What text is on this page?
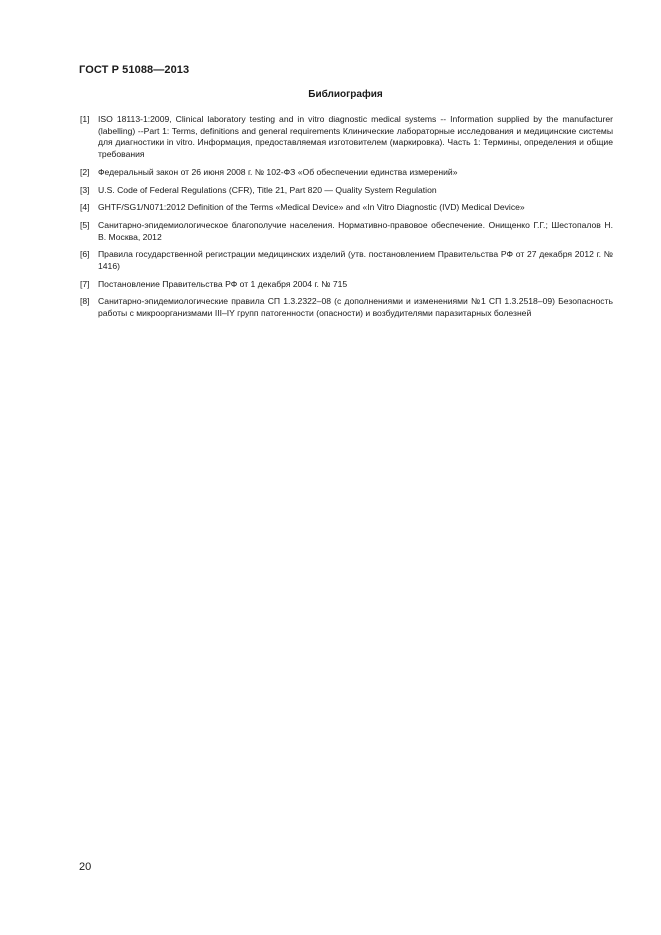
ГОСТ Р 51088—2013
Библиография
[1] ISO 18113-1:2009, Clinical laboratory testing and in vitro diagnostic medical systems -- Information supplied by the manufacturer (labelling) --Part 1: Terms, definitions and general requirements Клинические лабораторные исследования и медицинские системы для диагностики in vitro. Информация, предоставляемая изготовителем (маркировка). Часть 1: Термины, определения и общие требования
[2] Федеральный закон от 26 июня 2008 г. № 102-ФЗ «Об обеспечении единства измерений»
[3] U.S. Code of Federal Regulations (CFR), Title 21, Part 820 — Quality System Regulation
[4] GHTF/SG1/N071:2012 Definition of the Terms «Medical Device» and «In Vitro Diagnostic (IVD) Medical Device»
[5] Санитарно-эпидемиологическое благополучие населения. Нормативно-правовое обеспечение. Онищенко Г.Г.; Шестопалов Н. В. Москва, 2012
[6] Правила государственной регистрации медицинских изделий (утв. постановлением Правительства РФ от 27 декабря 2012 г. № 1416)
[7] Постановление Правительства РФ от 1 декабря 2004 г. № 715
[8] Санитарно-эпидемиологические правила СП 1.3.2322–08 (с дополнениями и изменениями №1 СП 1.3.2518–09) Безопасность работы с микроорганизмами III–IY групп патогенности (опасности) и возбудителями паразитарных болезней
20
